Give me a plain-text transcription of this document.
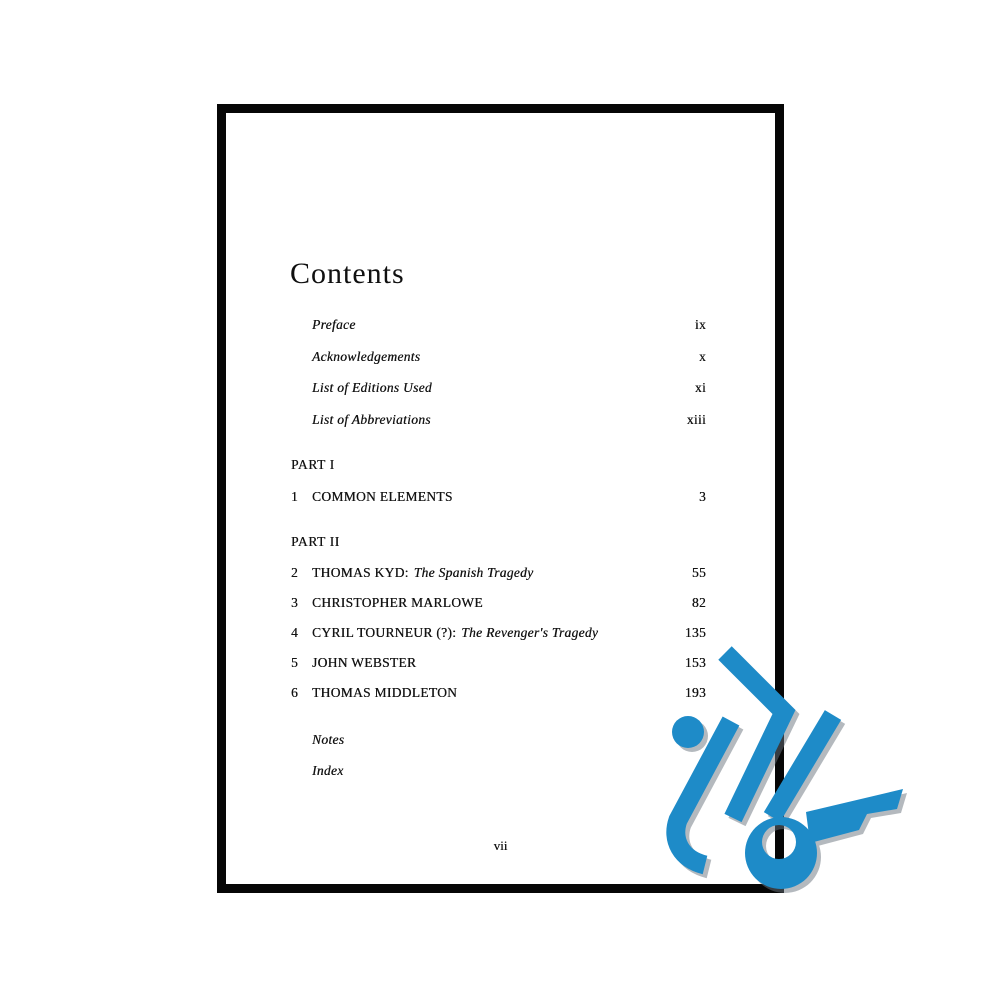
Contents
Preface	ix
Acknowledgements	x
List of Editions Used	xi
List of Abbreviations	xiii
PART I
1	COMMON ELEMENTS	3
PART II
2	THOMAS KYD: The Spanish Tragedy	55
3	CHRISTOPHER MARLOWE	82
4	CYRIL TOURNEUR (?): The Revenger's Tragedy	135
5	JOHN WEBSTER	153
6	THOMAS MIDDLETON	193
Notes
Index
vii
